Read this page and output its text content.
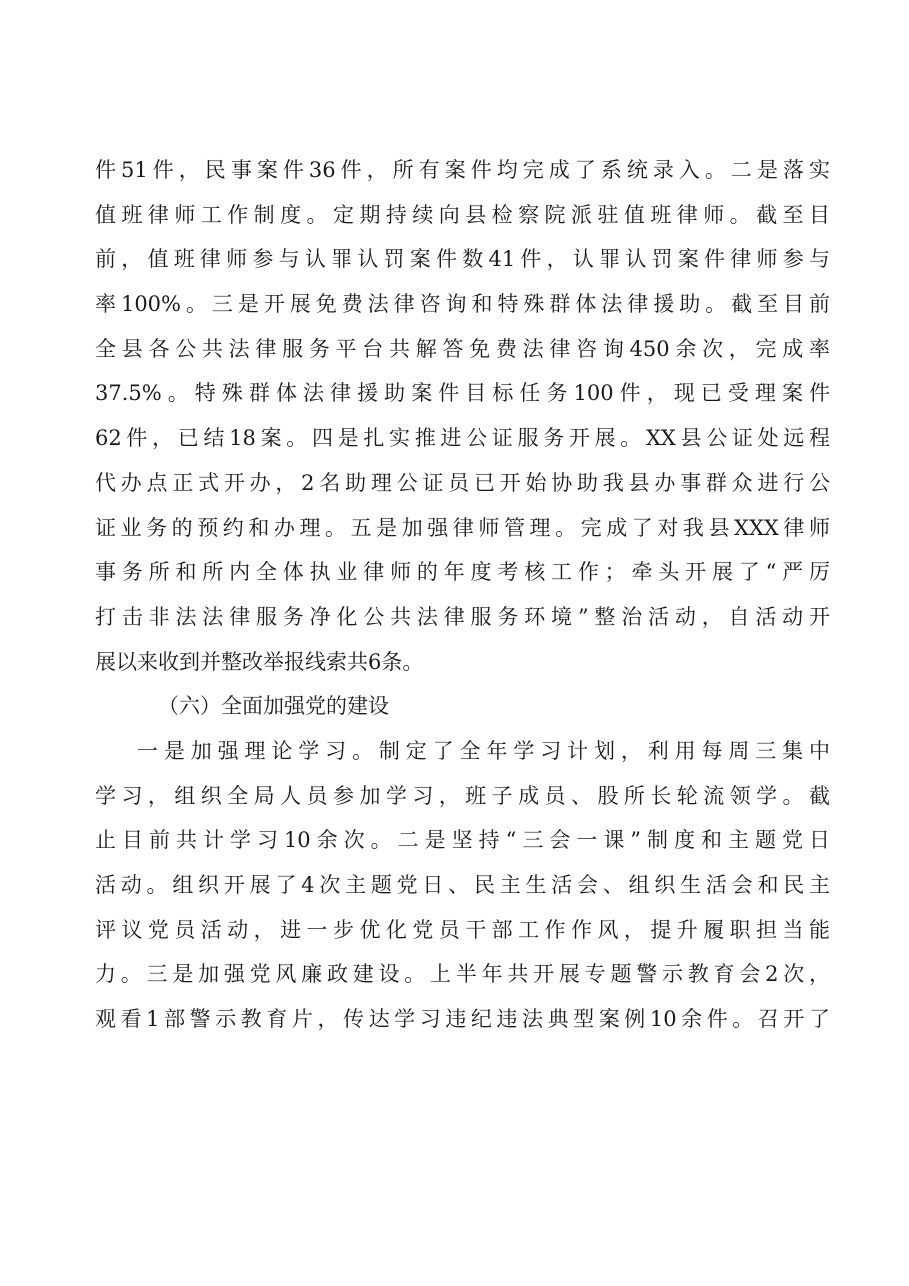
件51件，民事案件36件，所有案件均完成了系统录入。二是落实
值班律师工作制度。定期持续向县检察院派驻值班律师。截至目
前，值班律师参与认罪认罚案件数41件，认罪认罚案件律师参与
率100%。三是开展免费法律咨询和特殊群体法律援助。截至目前
全县各公共法律服务平台共解答免费法律咨询450余次，完成率
37.5%。特殊群体法律援助案件目标任务100件，现已受理案件
62件，已结18案。四是扎实推进公证服务开展。XX县公证处远程
代办点正式开办，2名助理公证员已开始协助我县办事群众进行公
证业务的预约和办理。五是加强律师管理。完成了对我县XXX律师
事务所和所内全体执业律师的年度考核工作；牵头开展了“严厉
打击非法法律服务净化公共法律服务环境”整治活动，自活动开
展以来收到并整改举报线索共6条。
（六）全面加强党的建设
一是加强理论学习。制定了全年学习计划，利用每周三集中
学习，组织全局人员参加学习，班子成员、股所长轮流领学。截
止目前共计学习10余次。二是坚持“三会一课”制度和主题党日
活动。组织开展了4次主题党日、民主生活会、组织生活会和民主
评议党员活动，进一步优化党员干部工作作风，提升履职担当能
力。三是加强党风廉政建设。上半年共开展专题警示教育会2次，
观看1部警示教育片，传达学习违纪违法典型案例10余件。召开了
